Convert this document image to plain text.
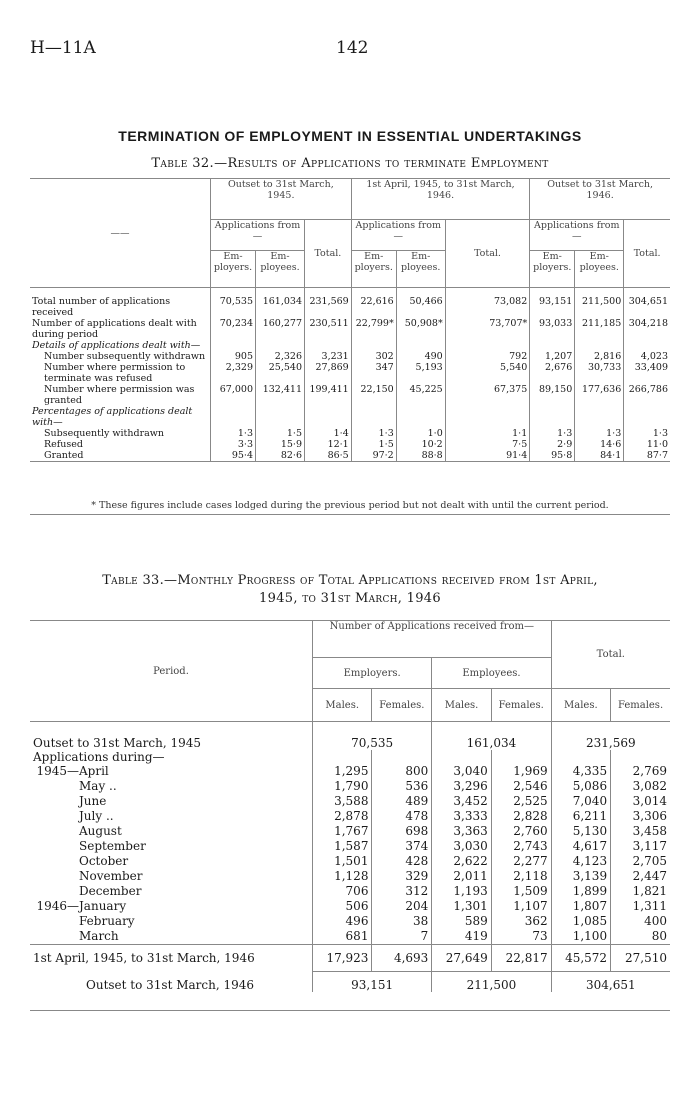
H—11A	142
TERMINATION OF EMPLOYMENT IN ESSENTIAL UNDERTAKINGS
Table 32.—Results of Applications to terminate Employment
——	Outset to 31st March, 1945.			1st April, 1945, to 31st March, 1946.			Outset to 31st March, 1946.		
	Applications from—		Total.	Applications from—		Total.	Applications from—		Total.
	Em- ployers.	Em- ployees.		Em- ployers.	Em- ployees.		Em- ployers.	Em- ployees.	
Total number of applications received	70,535	161,034	231,569	22,616	50,466	73,082	93,151	211,500	304,651
Number of applications dealt with during period	70,234	160,277	230,511	22,799*	50,908*	73,707*	93,033	211,185	304,218
Details of applications dealt with—									
Number subsequently withdrawn	905	2,326	3,231	302	490	792	1,207	2,816	4,023
Number where permission to terminate was refused	2,329	25,540	27,869	347	5,193	5,540	2,676	30,733	33,409
Number where permission was granted	67,000	132,411	199,411	22,150	45,225	67,375	89,150	177,636	266,786
Percentages of applications dealt with—									
Subsequently withdrawn	1·3	1·5	1·4	1·3	1·0	1·1	1·3	1·3	1·3
Refused	3·3	15·9	12·1	1·5	10·2	7·5	2·9	14·6	11·0
Granted	95·4	82·6	86·5	97·2	88·8	91·4	95·8	84·1	87·7

* These figures include cases lodged during the previous period but not dealt with until the current period.
Table 33.—Monthly Progress of Total Applications received from 1st April,
1945, to 31st March, 1946
Period.	Number of Applications received from—				Total.	
	Employers.		Employees.			
	Males.	Females.	Males.	Females.	Males.	Females.
Outset to 31st March, 1945	70,535		161,034		231,569	
Applications during—						
1945—April	1,295	800	3,040	1,969	4,335	2,769
May ..	1,790	536	3,296	2,546	5,086	3,082
June	3,588	489	3,452	2,525	7,040	3,014
July ..	2,878	478	3,333	2,828	6,211	3,306
August	1,767	698	3,363	2,760	5,130	3,458
September	1,587	374	3,030	2,743	4,617	3,117
October	1,501	428	2,622	2,277	4,123	2,705
November	1,128	329	2,011	2,118	3,139	2,447
December	706	312	1,193	1,509	1,899	1,821
1946—January	506	204	1,301	1,107	1,807	1,311
February	496	38	589	362	1,085	400
March	681	7	419	73	1,100	80
1st April, 1945, to 31st March, 1946	17,923	4,693	27,649	22,817	45,572	27,510
Outset to 31st March, 1946	93,151		211,500		304,651	
